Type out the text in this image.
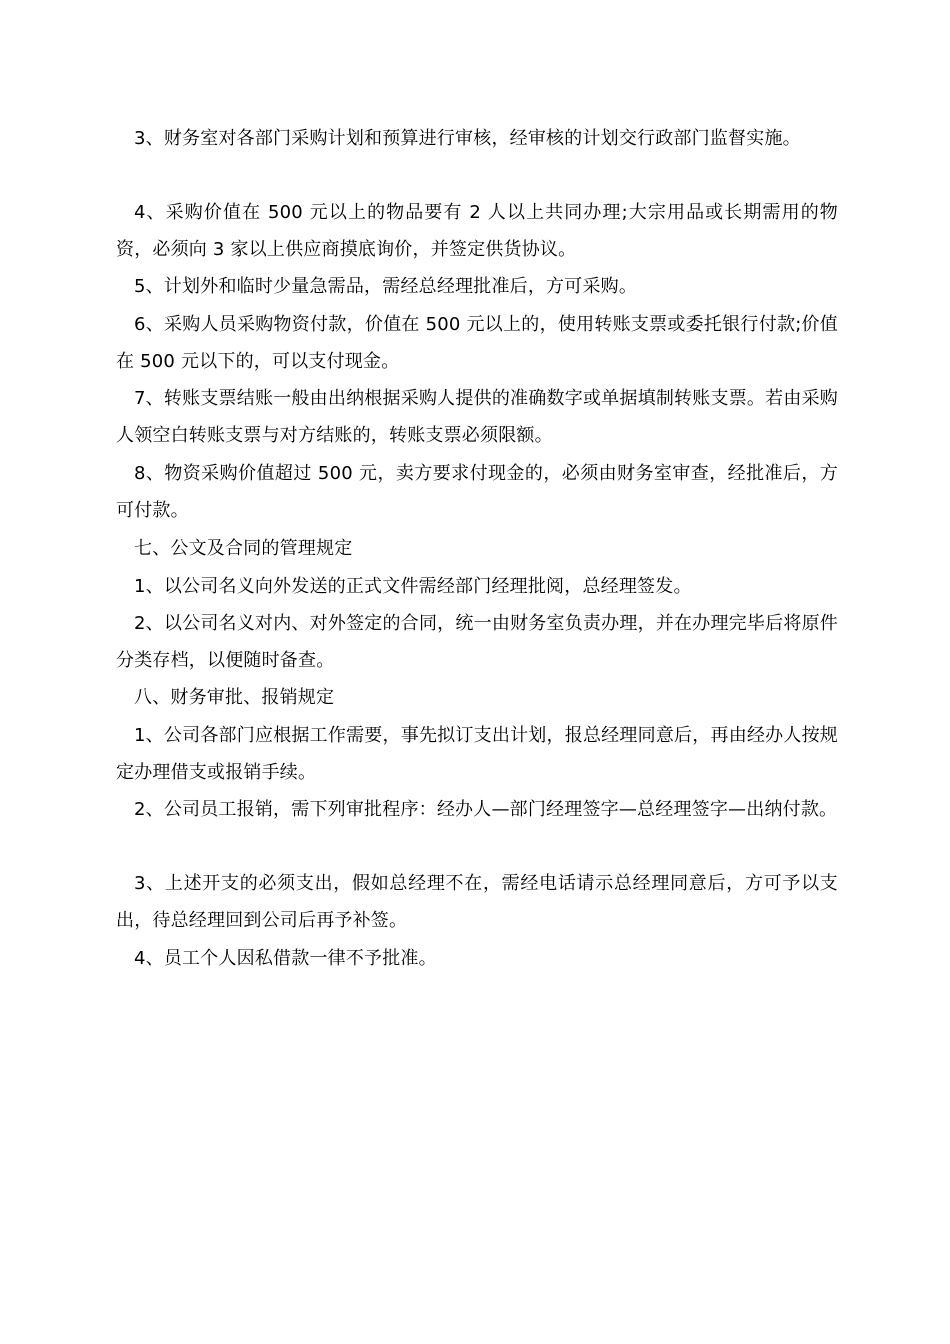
3、财务室对各部门采购计划和预算进行审核，经审核的计划交行政部门监督实施。

4、采购价值在 500 元以上的物品要有 2 人以上共同办理;大宗用品或长期需用的物资，必须向 3 家以上供应商摸底询价，并签定供货协议。

5、计划外和临时少量急需品，需经总经理批准后，方可采购。

6、采购人员采购物资付款，价值在 500 元以上的，使用转账支票或委托银行付款;价值在 500 元以下的，可以支付现金。

7、转账支票结账一般由出纳根据采购人提供的准确数字或单据填制转账支票。若由采购人领空白转账支票与对方结账的，转账支票必须限额。

8、物资采购价值超过 500 元，卖方要求付现金的，必须由财务室审查，经批准后，方可付款。

七、公文及合同的管理规定

1、以公司名义向外发送的正式文件需经部门经理批阅，总经理签发。

2、以公司名义对内、对外签定的合同，统一由财务室负责办理，并在办理完毕后将原件分类存档，以便随时备查。

八、财务审批、报销规定

1、公司各部门应根据工作需要，事先拟订支出计划，报总经理同意后，再由经办人按规定办理借支或报销手续。

2、公司员工报销，需下列审批程序：经办人—部门经理签字—总经理签字—出纳付款。

3、上述开支的必须支出，假如总经理不在，需经电话请示总经理同意后，方可予以支出，待总经理回到公司后再予补签。

4、员工个人因私借款一律不予批准。
